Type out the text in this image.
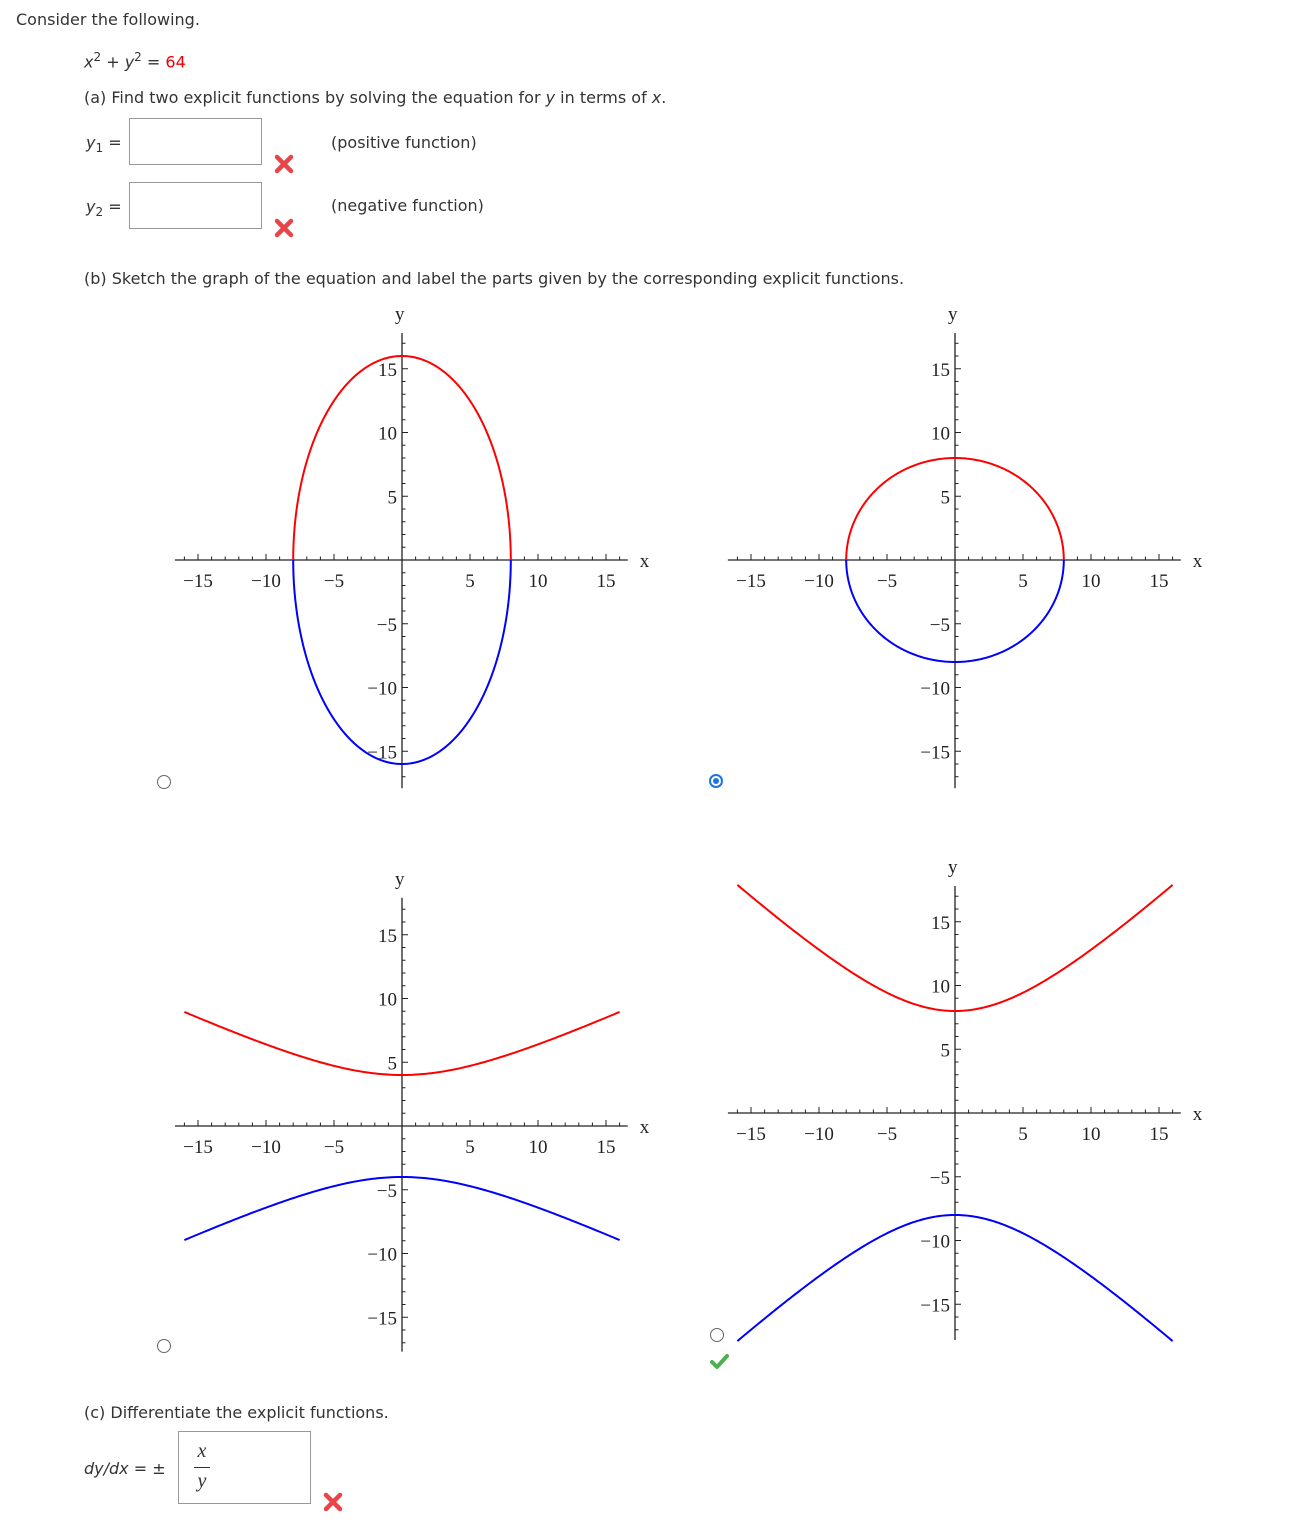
Consider the following.
$x^2 + y^2 = 64$
(a) Find two explicit functions by solving the equation for y in terms of x.
$y_1$ =	(positive function)
$y_2$ =	(negative function)
(b) Sketch the graph of the equation and label the parts given by the corresponding explicit functions.
−15 −10 −5	5	10	15
15
10
5
−5
−10
−15
x
y
−15 −10 −5	5	10	15
15
10
5
−5
−10
−15
x
y
−15 −10 −5	5	10	15
15
10
5
−5
−10
−15
x
y
−15 −10 −5	5	10	15
15
10
5
−5
−10
−15
x
y
(c) Differentiate the explicit functions.
dy/dx = ±
x
y
